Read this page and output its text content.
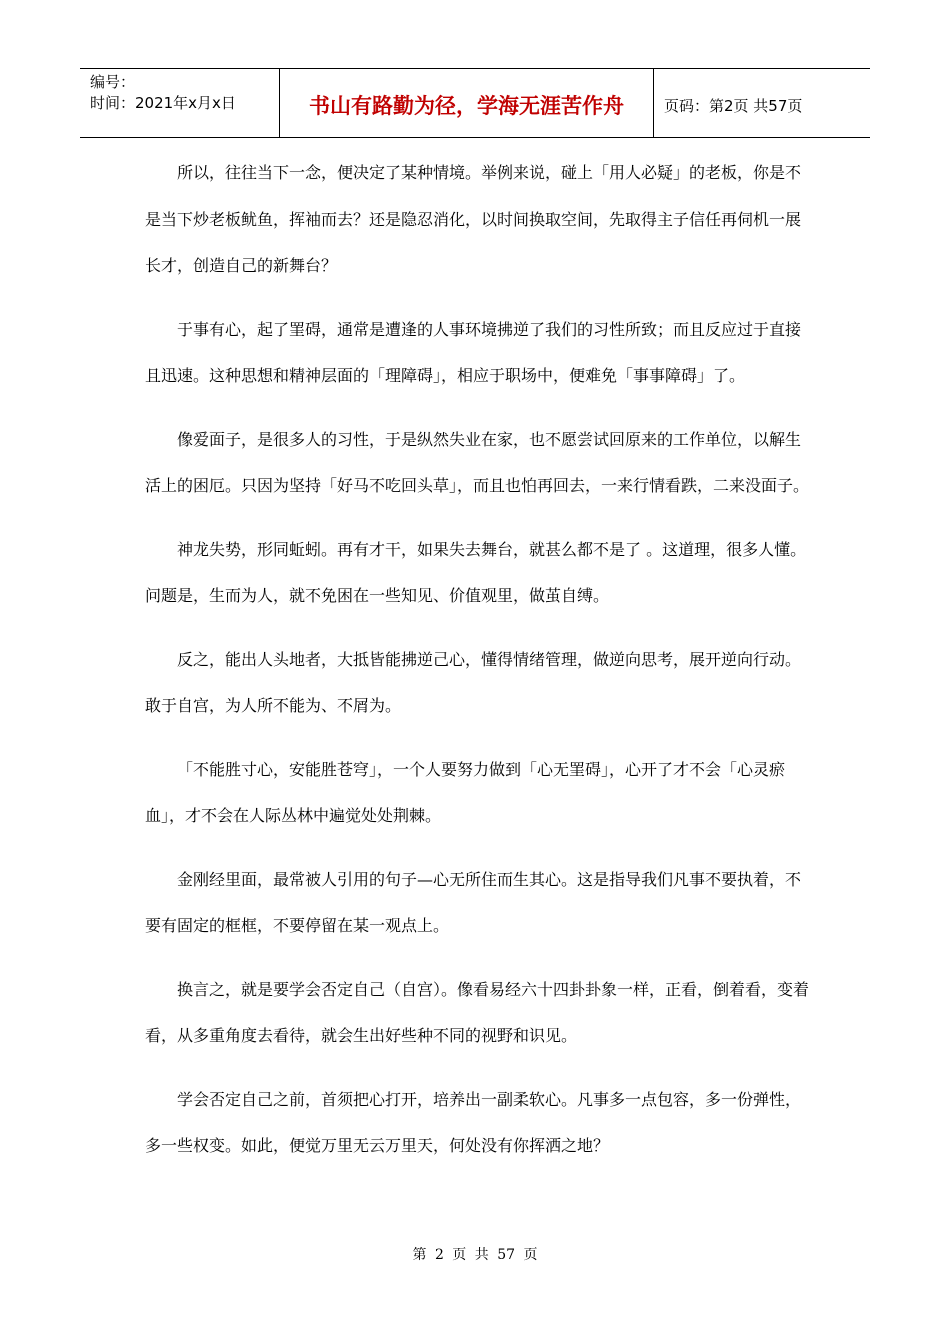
编号：
时间：2021年x月x日	书山有路勤为径，学海无涯苦作舟	页码：第2页 共57页

所以，往往当下一念，便决定了某种情境。举例来说，碰上「用人必疑」的老板，你是不是当下炒老板鱿鱼，挥袖而去？还是隐忍消化，以时间换取空间，先取得主子信任再伺机一展长才，创造自己的新舞台？

于事有心，起了罣碍，通常是遭逢的人事环境拂逆了我们的习性所致；而且反应过于直接且迅速。这种思想和精神层面的「理障碍」，相应于职场中，便难免「事事障碍」了。

像爱面子，是很多人的习性，于是纵然失业在家，也不愿尝试回原来的工作单位，以解生活上的困厄。只因为坚持「好马不吃回头草」，而且也怕再回去，一来行情看跌，二来没面子。

神龙失势，形同蚯蚓。再有才干，如果失去舞台，就甚么都不是了 。这道理，很多人懂。问题是，生而为人，就不免困在一些知见、价值观里，做茧自缚。

反之，能出人头地者，大抵皆能拂逆己心，懂得情绪管理，做逆向思考，展开逆向行动。敢于自宫，为人所不能为、不屑为。

「不能胜寸心，安能胜苍穹」，一个人要努力做到「心无罣碍」，心开了才不会「心灵瘀血」，才不会在人际丛林中遍觉处处荆棘。

金刚经里面，最常被人引用的句子—心无所住而生其心。这是指导我们凡事不要执着，不要有固定的框框，不要停留在某一观点上。

换言之，就是要学会否定自己（自宫）。像看易经六十四卦卦象一样，正看，倒着看，变着看，从多重角度去看待，就会生出好些种不同的视野和识见。

学会否定自己之前，首须把心打开，培养出一副柔软心。凡事多一点包容，多一份弹性，多一些权变。如此，便觉万里无云万里天，何处没有你挥洒之地？

第 2 页 共 57 页
